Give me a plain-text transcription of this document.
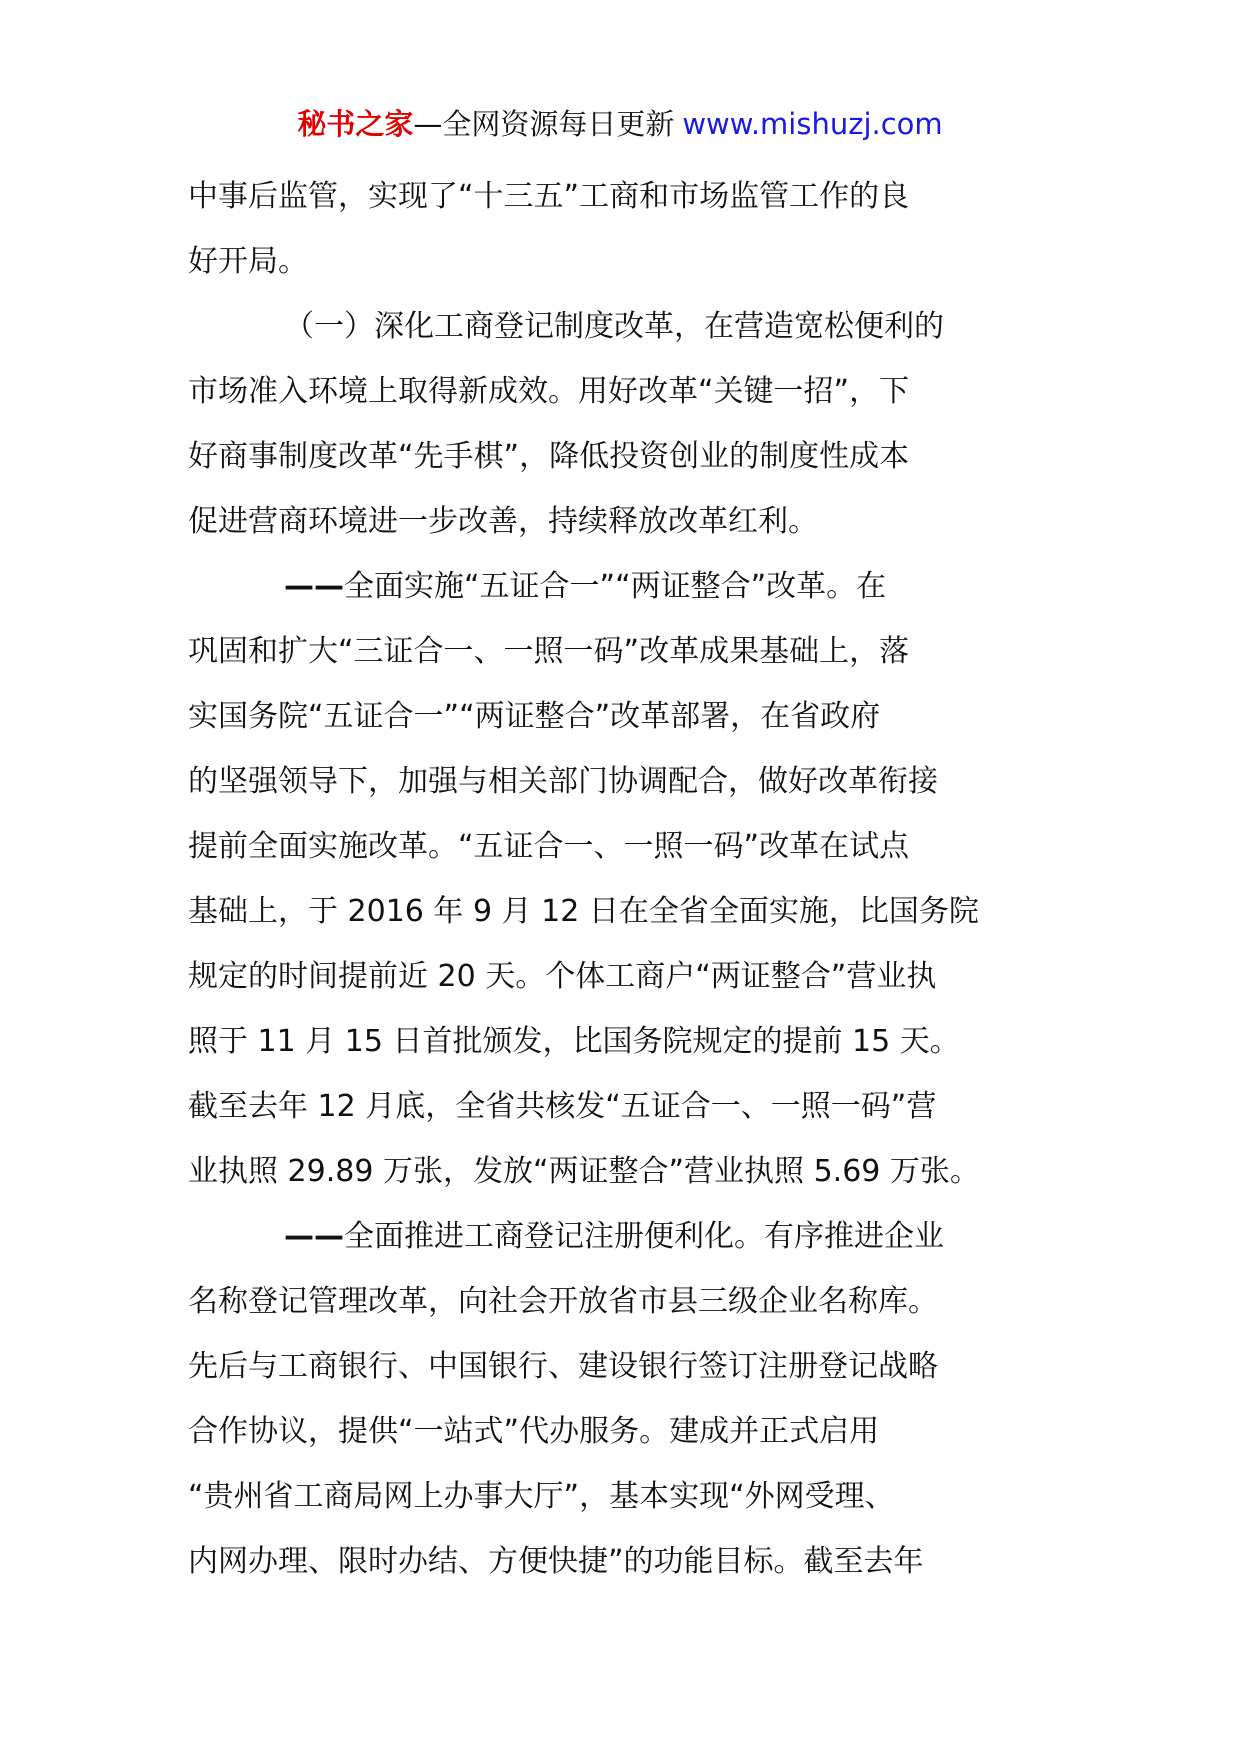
秘书之家—全网资源每日更新 www.mishuzj.com
中事后监管，实现了“十三五”工商和市场监管工作的良
好开局。
（一）深化工商登记制度改革，在营造宽松便利的
市场准入环境上取得新成效。用好改革“关键一招”，下
好商事制度改革“先手棋”，降低投资创业的制度性成本
促进营商环境进一步改善，持续释放改革红利。
——全面实施“五证合一”“两证整合”改革。在
巩固和扩大“三证合一、一照一码”改革成果基础上，落
实国务院“五证合一”“两证整合”改革部署，在省政府
的坚强领导下，加强与相关部门协调配合，做好改革衔接
提前全面实施改革。“五证合一、一照一码”改革在试点
基础上，于 2016 年 9 月 12 日在全省全面实施，比国务院
规定的时间提前近 20 天。个体工商户“两证整合”营业执
照于 11 月 15 日首批颁发，比国务院规定的提前 15 天。
截至去年 12 月底，全省共核发“五证合一、一照一码”营
业执照 29.89 万张，发放“两证整合”营业执照 5.69 万张。
——全面推进工商登记注册便利化。有序推进企业
名称登记管理改革，向社会开放省市县三级企业名称库。
先后与工商银行、中国银行、建设银行签订注册登记战略
合作协议，提供“一站式”代办服务。建成并正式启用
“贵州省工商局网上办事大厅”，基本实现“外网受理、
内网办理、限时办结、方便快捷”的功能目标。截至去年
